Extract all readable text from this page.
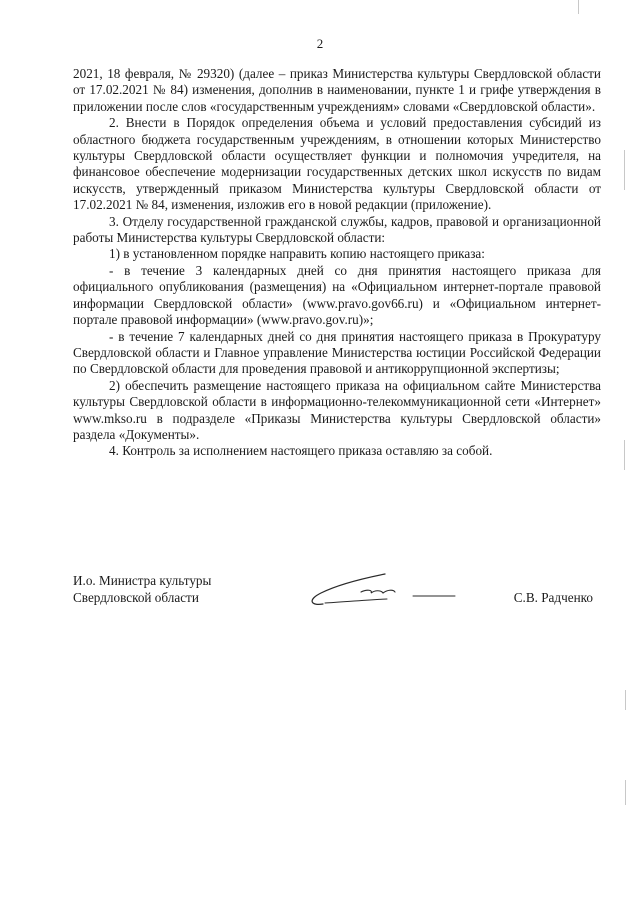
2

2021, 18 февраля, № 29320) (далее – приказ Министерства культуры Свердловской области от 17.02.2021 № 84) изменения, дополнив в наименовании, пункте 1 и грифе утверждения в приложении после слов «государственным учреждениям» словами «Свердловской области».

2. Внести в Порядок определения объема и условий предоставления субсидий из областного бюджета государственным учреждениям, в отношении которых Министерство культуры Свердловской области осуществляет функции и полномочия учредителя, на финансовое обеспечение модернизации государственных детских школ искусств по видам искусств, утвержденный приказом Министерства культуры Свердловской области от 17.02.2021 № 84, изменения, изложив его в новой редакции (приложение).

3. Отделу государственной гражданской службы, кадров, правовой и организационной работы Министерства культуры Свердловской области:

1) в установленном порядке направить копию настоящего приказа:

- в течение 3 календарных дней со дня принятия настоящего приказа для официального опубликования (размещения) на «Официальном интернет-портале правовой информации Свердловской области» (www.pravo.gov66.ru) и «Официальном интернет-портале правовой информации» (www.pravo.gov.ru)»;

- в течение 7 календарных дней со дня принятия настоящего приказа в Прокуратуру Свердловской области и Главное управление Министерства юстиции Российской Федерации по Свердловской области для проведения правовой и антикоррупционной экспертизы;

2) обеспечить размещение настоящего приказа на официальном сайте Министерства культуры Свердловской области в информационно-телекоммуникационной сети «Интернет» www.mkso.ru в подразделе «Приказы Министерства культуры Свердловской области» раздела «Документы».

4. Контроль за исполнением настоящего приказа оставляю за собой.

И.о. Министра культуры
Свердловской области	С.В. Радченко
